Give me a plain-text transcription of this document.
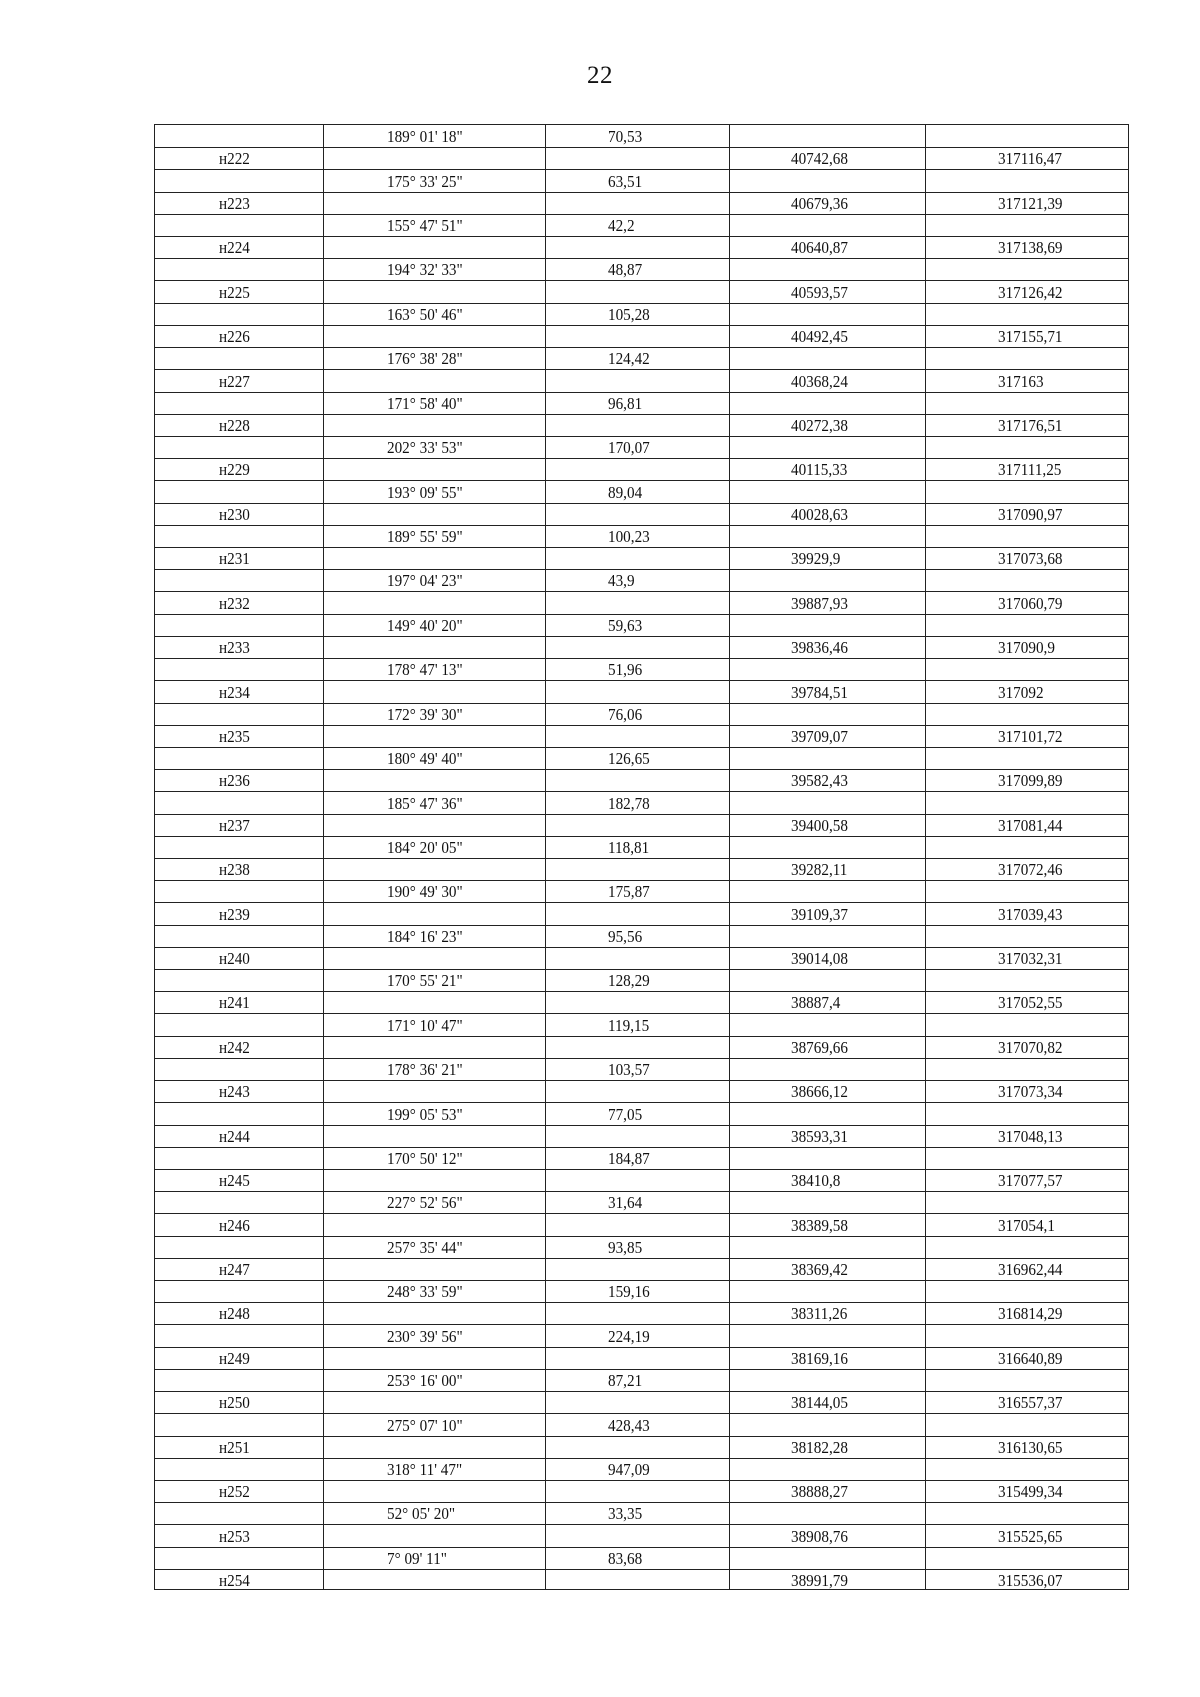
22
189° 01' 18"	70,53
н222	40742,68	317116,47
175° 33' 25"	63,51
н223	40679,36	317121,39
155° 47' 51"	42,2
н224	40640,87	317138,69
194° 32' 33"	48,87
н225	40593,57	317126,42
163° 50' 46"	105,28
н226	40492,45	317155,71
176° 38' 28"	124,42
н227	40368,24	317163
171° 58' 40"	96,81
н228	40272,38	317176,51
202° 33' 53"	170,07
н229	40115,33	317111,25
193° 09' 55"	89,04
н230	40028,63	317090,97
189° 55' 59"	100,23
н231	39929,9	317073,68
197° 04' 23"	43,9
н232	39887,93	317060,79
149° 40' 20"	59,63
н233	39836,46	317090,9
178° 47' 13"	51,96
н234	39784,51	317092
172° 39' 30"	76,06
н235	39709,07	317101,72
180° 49' 40"	126,65
н236	39582,43	317099,89
185° 47' 36"	182,78
н237	39400,58	317081,44
184° 20' 05"	118,81
н238	39282,11	317072,46
190° 49' 30"	175,87
н239	39109,37	317039,43
184° 16' 23"	95,56
н240	39014,08	317032,31
170° 55' 21"	128,29
н241	38887,4	317052,55
171° 10' 47"	119,15
н242	38769,66	317070,82
178° 36' 21"	103,57
н243	38666,12	317073,34
199° 05' 53"	77,05
н244	38593,31	317048,13
170° 50' 12"	184,87
н245	38410,8	317077,57
227° 52' 56"	31,64
н246	38389,58	317054,1
257° 35' 44"	93,85
н247	38369,42	316962,44
248° 33' 59"	159,16
н248	38311,26	316814,29
230° 39' 56"	224,19
н249	38169,16	316640,89
253° 16' 00"	87,21
н250	38144,05	316557,37
275° 07' 10"	428,43
н251	38182,28	316130,65
318° 11' 47"	947,09
н252	38888,27	315499,34
52° 05' 20"	33,35
н253	38908,76	315525,65
7° 09' 11"	83,68
н254	38991,79	315536,07
